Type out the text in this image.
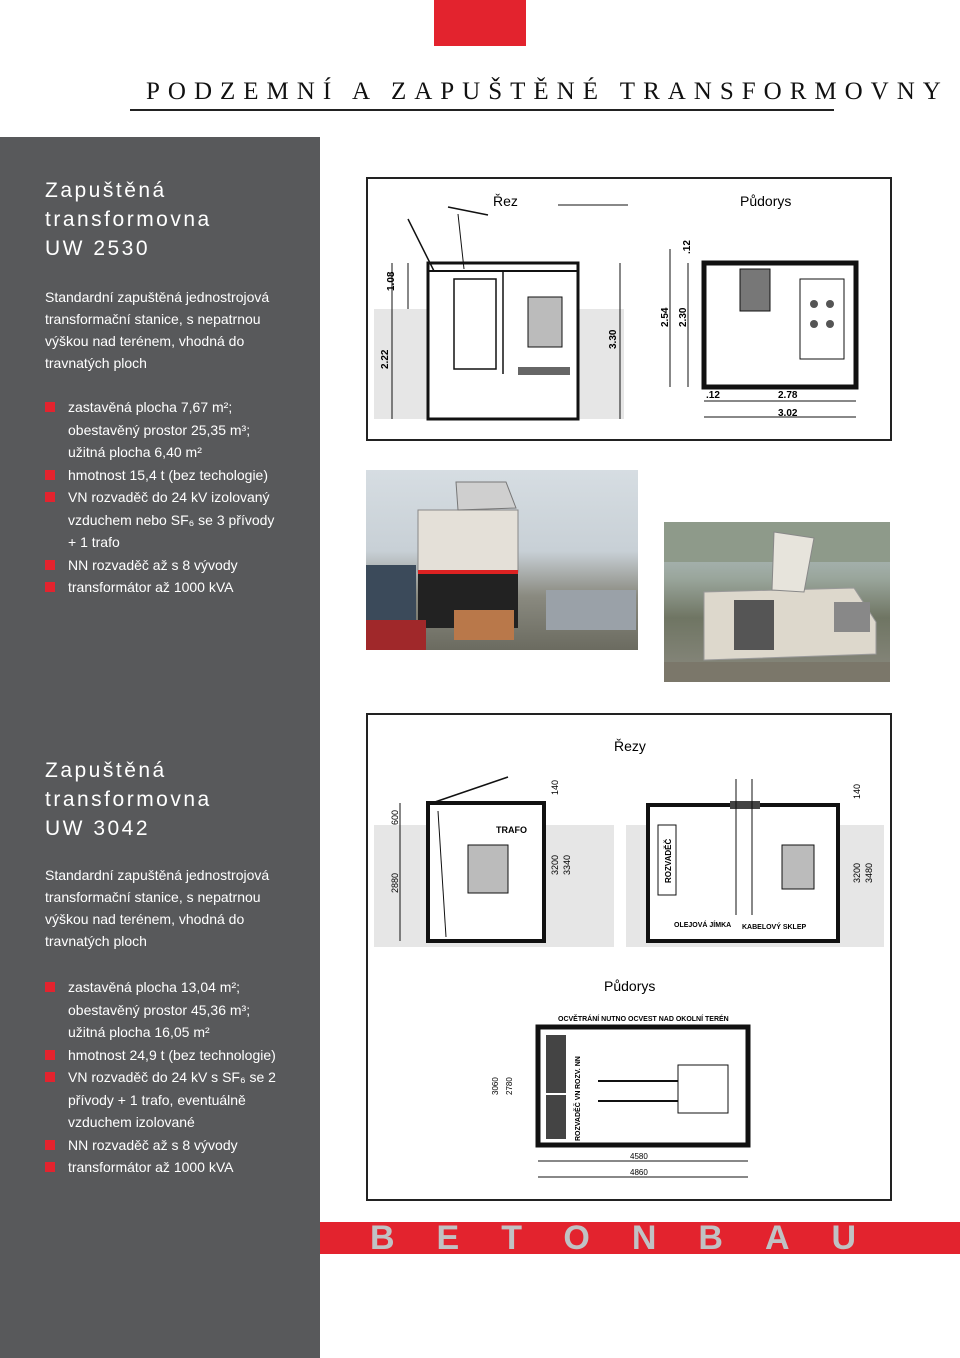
PODZEMNÍ A ZAPUŠTĚNÉ TRANSFORMOVNY
Zapuštěná
transformovna
UW 2530
Standardní zapuštěná jednostrojová transformační stanice, s nepatrnou výškou nad terénem, vhodná do travnatých ploch
zastavěná plocha 7,67 m²; obestavěný prostor 25,35 m³; užitná plocha 6,40 m²
hmotnost 15,4 t (bez techologie)
VN rozvaděč do 24 kV izolovaný vzduchem nebo SF₆ se 3 přívody + 1 trafo
NN rozvaděč až s 8 vývody
transformátor až 1000 kVA
Zapuštěná
transformovna
UW 3042
Standardní zapuštěná jednostrojová transformační stanice, s nepatrnou výškou nad terénem, vhodná do travnatých ploch
zastavěná plocha 13,04 m²; obestavěný prostor 45,36 m³; užitná plocha 16,05 m²
hmotnost 24,9 t (bez technologie)
VN rozvaděč do 24 kV s SF₆ se 2 přívody + 1 trafo, eventuálně vzduchem izolované
NN rozvaděč až s 8 vývody
transformátor až 1000 kVA
1.08
2.22
3.30
Řez	Půdorys
.12
2.54 2.30
.12	2.78
3.02
Řezy
TRAFO
600
2880
140
3200 3340	ROZVADĚČ
OLEJOVÁ JÍMKA KABELOVÝ SKLEP
140
3200 3480
Půdorys
OCVĚTRÁNÍ NUTNO OCVEST NAD OKOLNÍ TERÉN
ROZV. NN
ROZVADĚČ VN
3060 2780
4580
4860
BETONBAU
